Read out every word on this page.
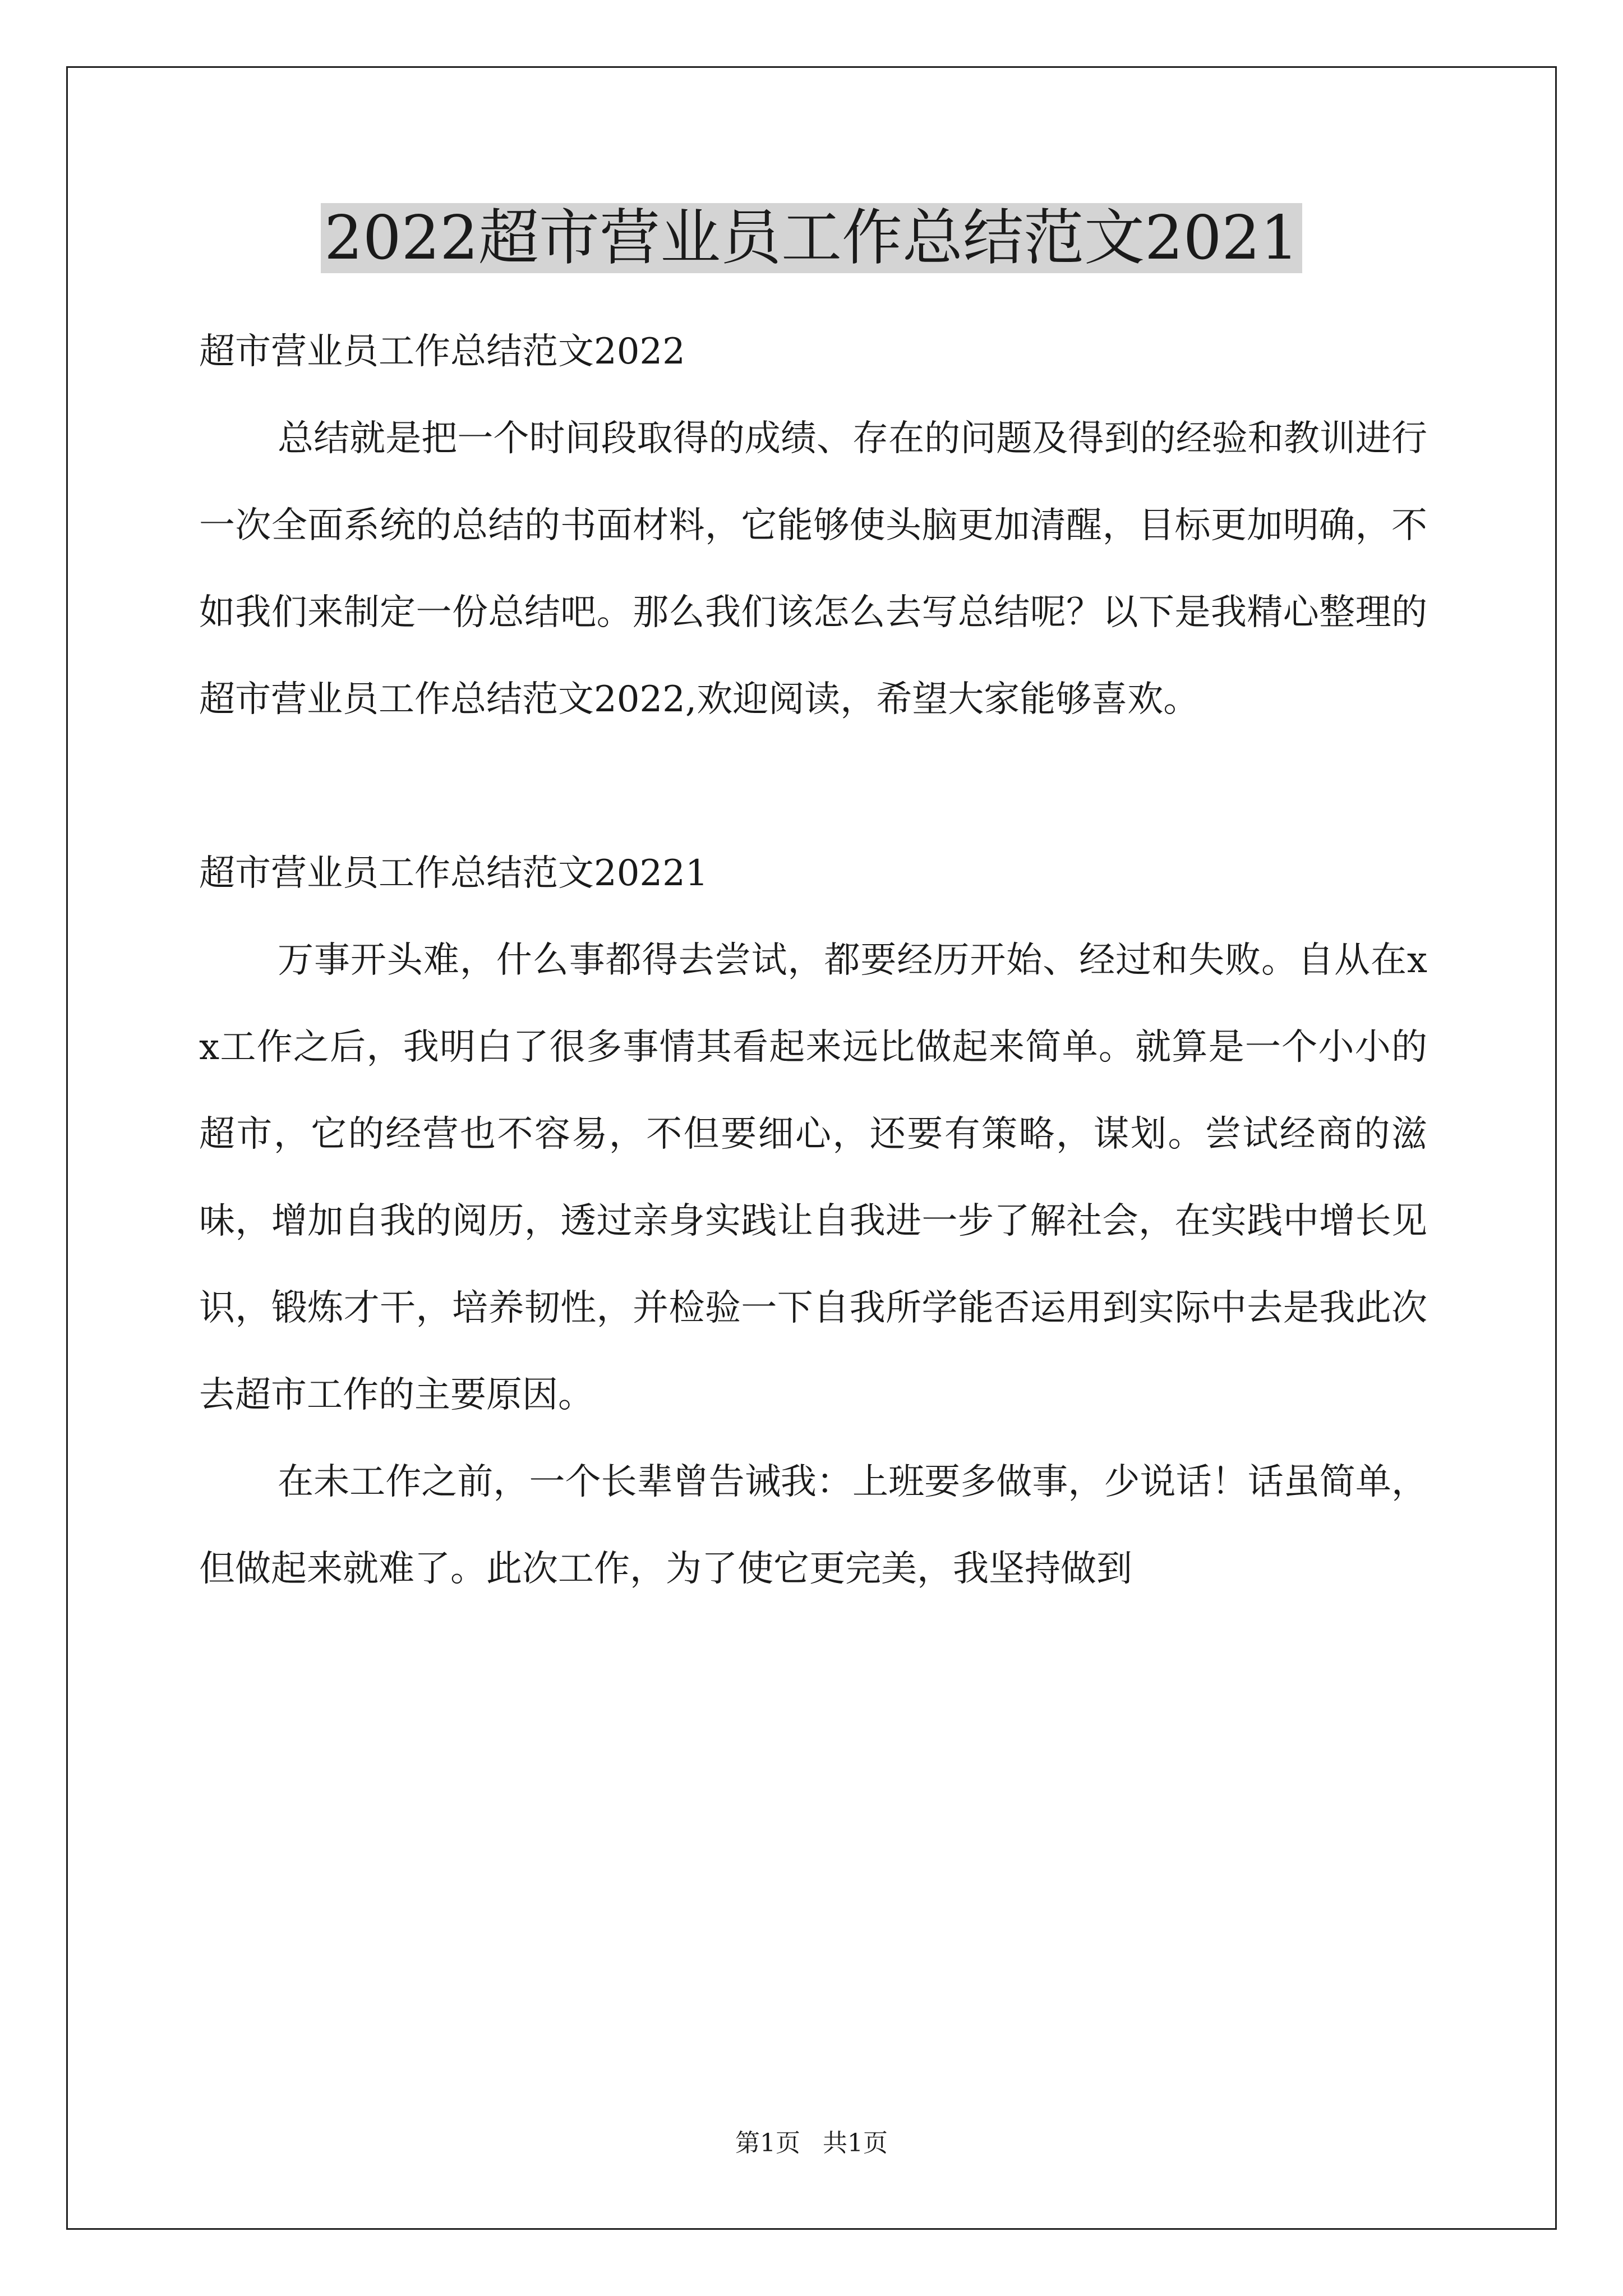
2022超市营业员工作总结范文2021
超市营业员工作总结范文2022

总结就是把一个时间段取得的成绩、存在的问题及得到的经验和教训进行一次全面系统的总结的书面材料，它能够使头脑更加清醒，目标更加明确，不如我们来制定一份总结吧。那么我们该怎么去写总结呢？以下是我精心整理的超市营业员工作总结范文2022,欢迎阅读，希望大家能够喜欢。

超市营业员工作总结范文20221

万事开头难，什么事都得去尝试，都要经历开始、经过和失败。自从在xx工作之后，我明白了很多事情其看起来远比做起来简单。就算是一个小小的超市，它的经营也不容易，不但要细心，还要有策略，谋划。尝试经商的滋味，增加自我的阅历，透过亲身实践让自我进一步了解社会，在实践中增长见识，锻炼才干，培养韧性，并检验一下自我所学能否运用到实际中去是我此次去超市工作的主要原因。

在未工作之前，一个长辈曾告诫我：上班要多做事，少说话！话虽简单，但做起来就难了。此次工作，为了使它更完美，我坚持做到

第1页 共1页
